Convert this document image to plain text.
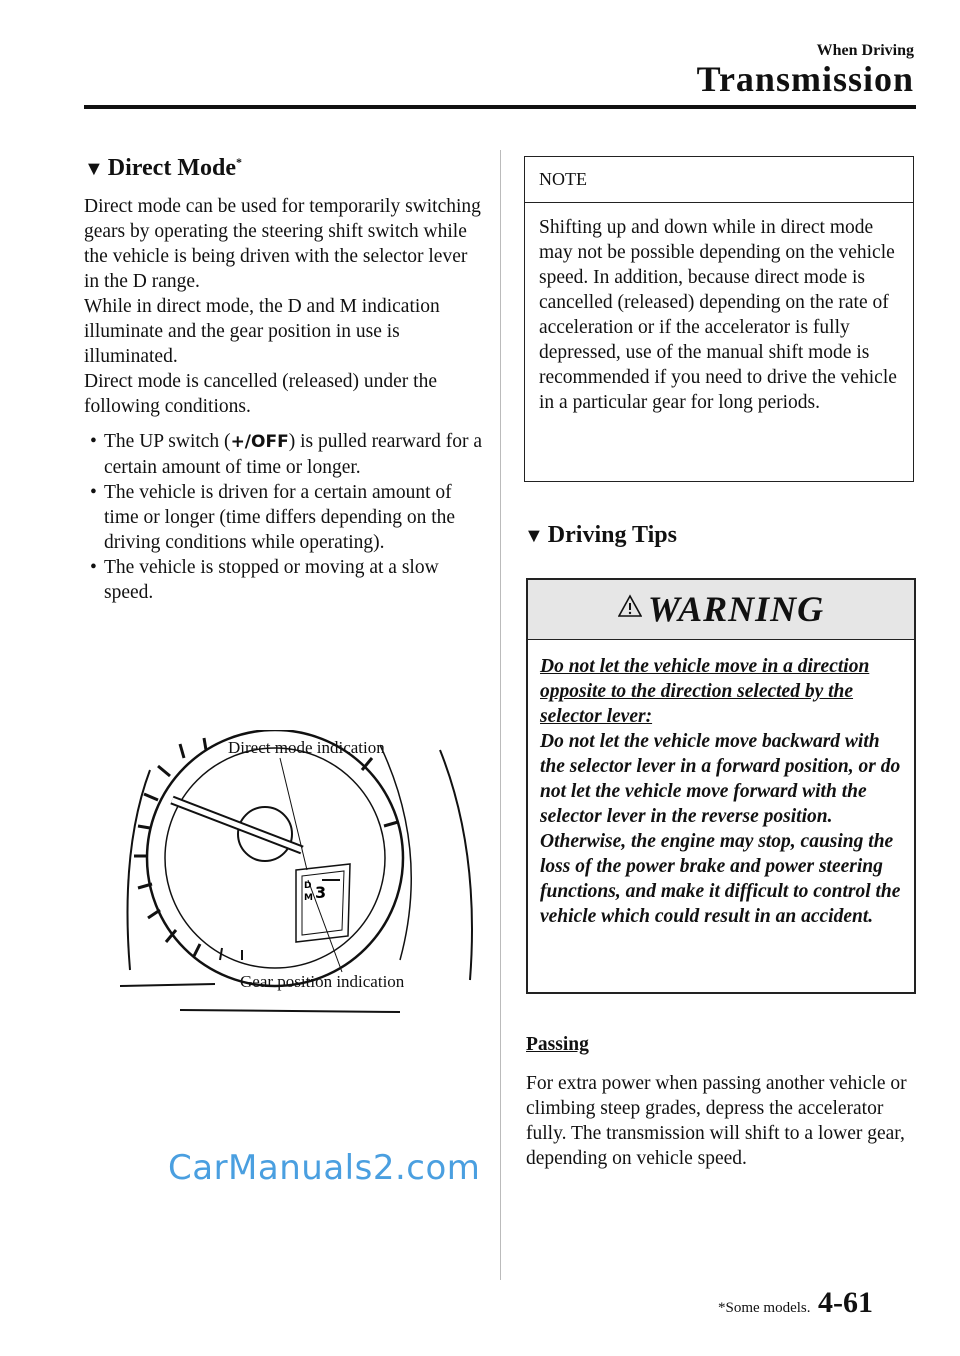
When Driving
Transmission
▼ Direct Mode*

Direct mode can be used for temporarily switching gears by operating the steering shift switch while the vehicle is being driven with the selector lever in the D range.

While in direct mode, the D and M indication illuminate and the gear position in use is illuminated.

Direct mode is cancelled (released) under the following conditions.

• The UP switch (+/OFF) is pulled rearward for a certain amount of time or longer.
• The vehicle is driven for a certain amount of time or longer (time differs depending on the driving conditions while operating).
• The vehicle is stopped or moving at a slow speed.
D
M 3
Direct mode indication
Gear position indication
CarManuals2.com
NOTE
Shifting up and down while in direct mode may not be possible depending on the vehicle speed. In addition, because direct mode is cancelled (released) depending on the rate of acceleration or if the accelerator is fully depressed, use of the manual shift mode is recommended if you need to drive the vehicle in a particular gear for long periods.
▼ Driving Tips
WARNING
Do not let the vehicle move in a direction opposite to the direction selected by the selector lever:
Do not let the vehicle move backward with the selector lever in a forward position, or do not let the vehicle move forward with the selector lever in the reverse position. Otherwise, the engine may stop, causing the loss of the power brake and power steering functions, and make it difficult to control the vehicle which could result in an accident.
Passing

For extra power when passing another vehicle or climbing steep grades, depress the accelerator fully. The transmission will shift to a lower gear, depending on vehicle speed.

*Some models. 4-61
